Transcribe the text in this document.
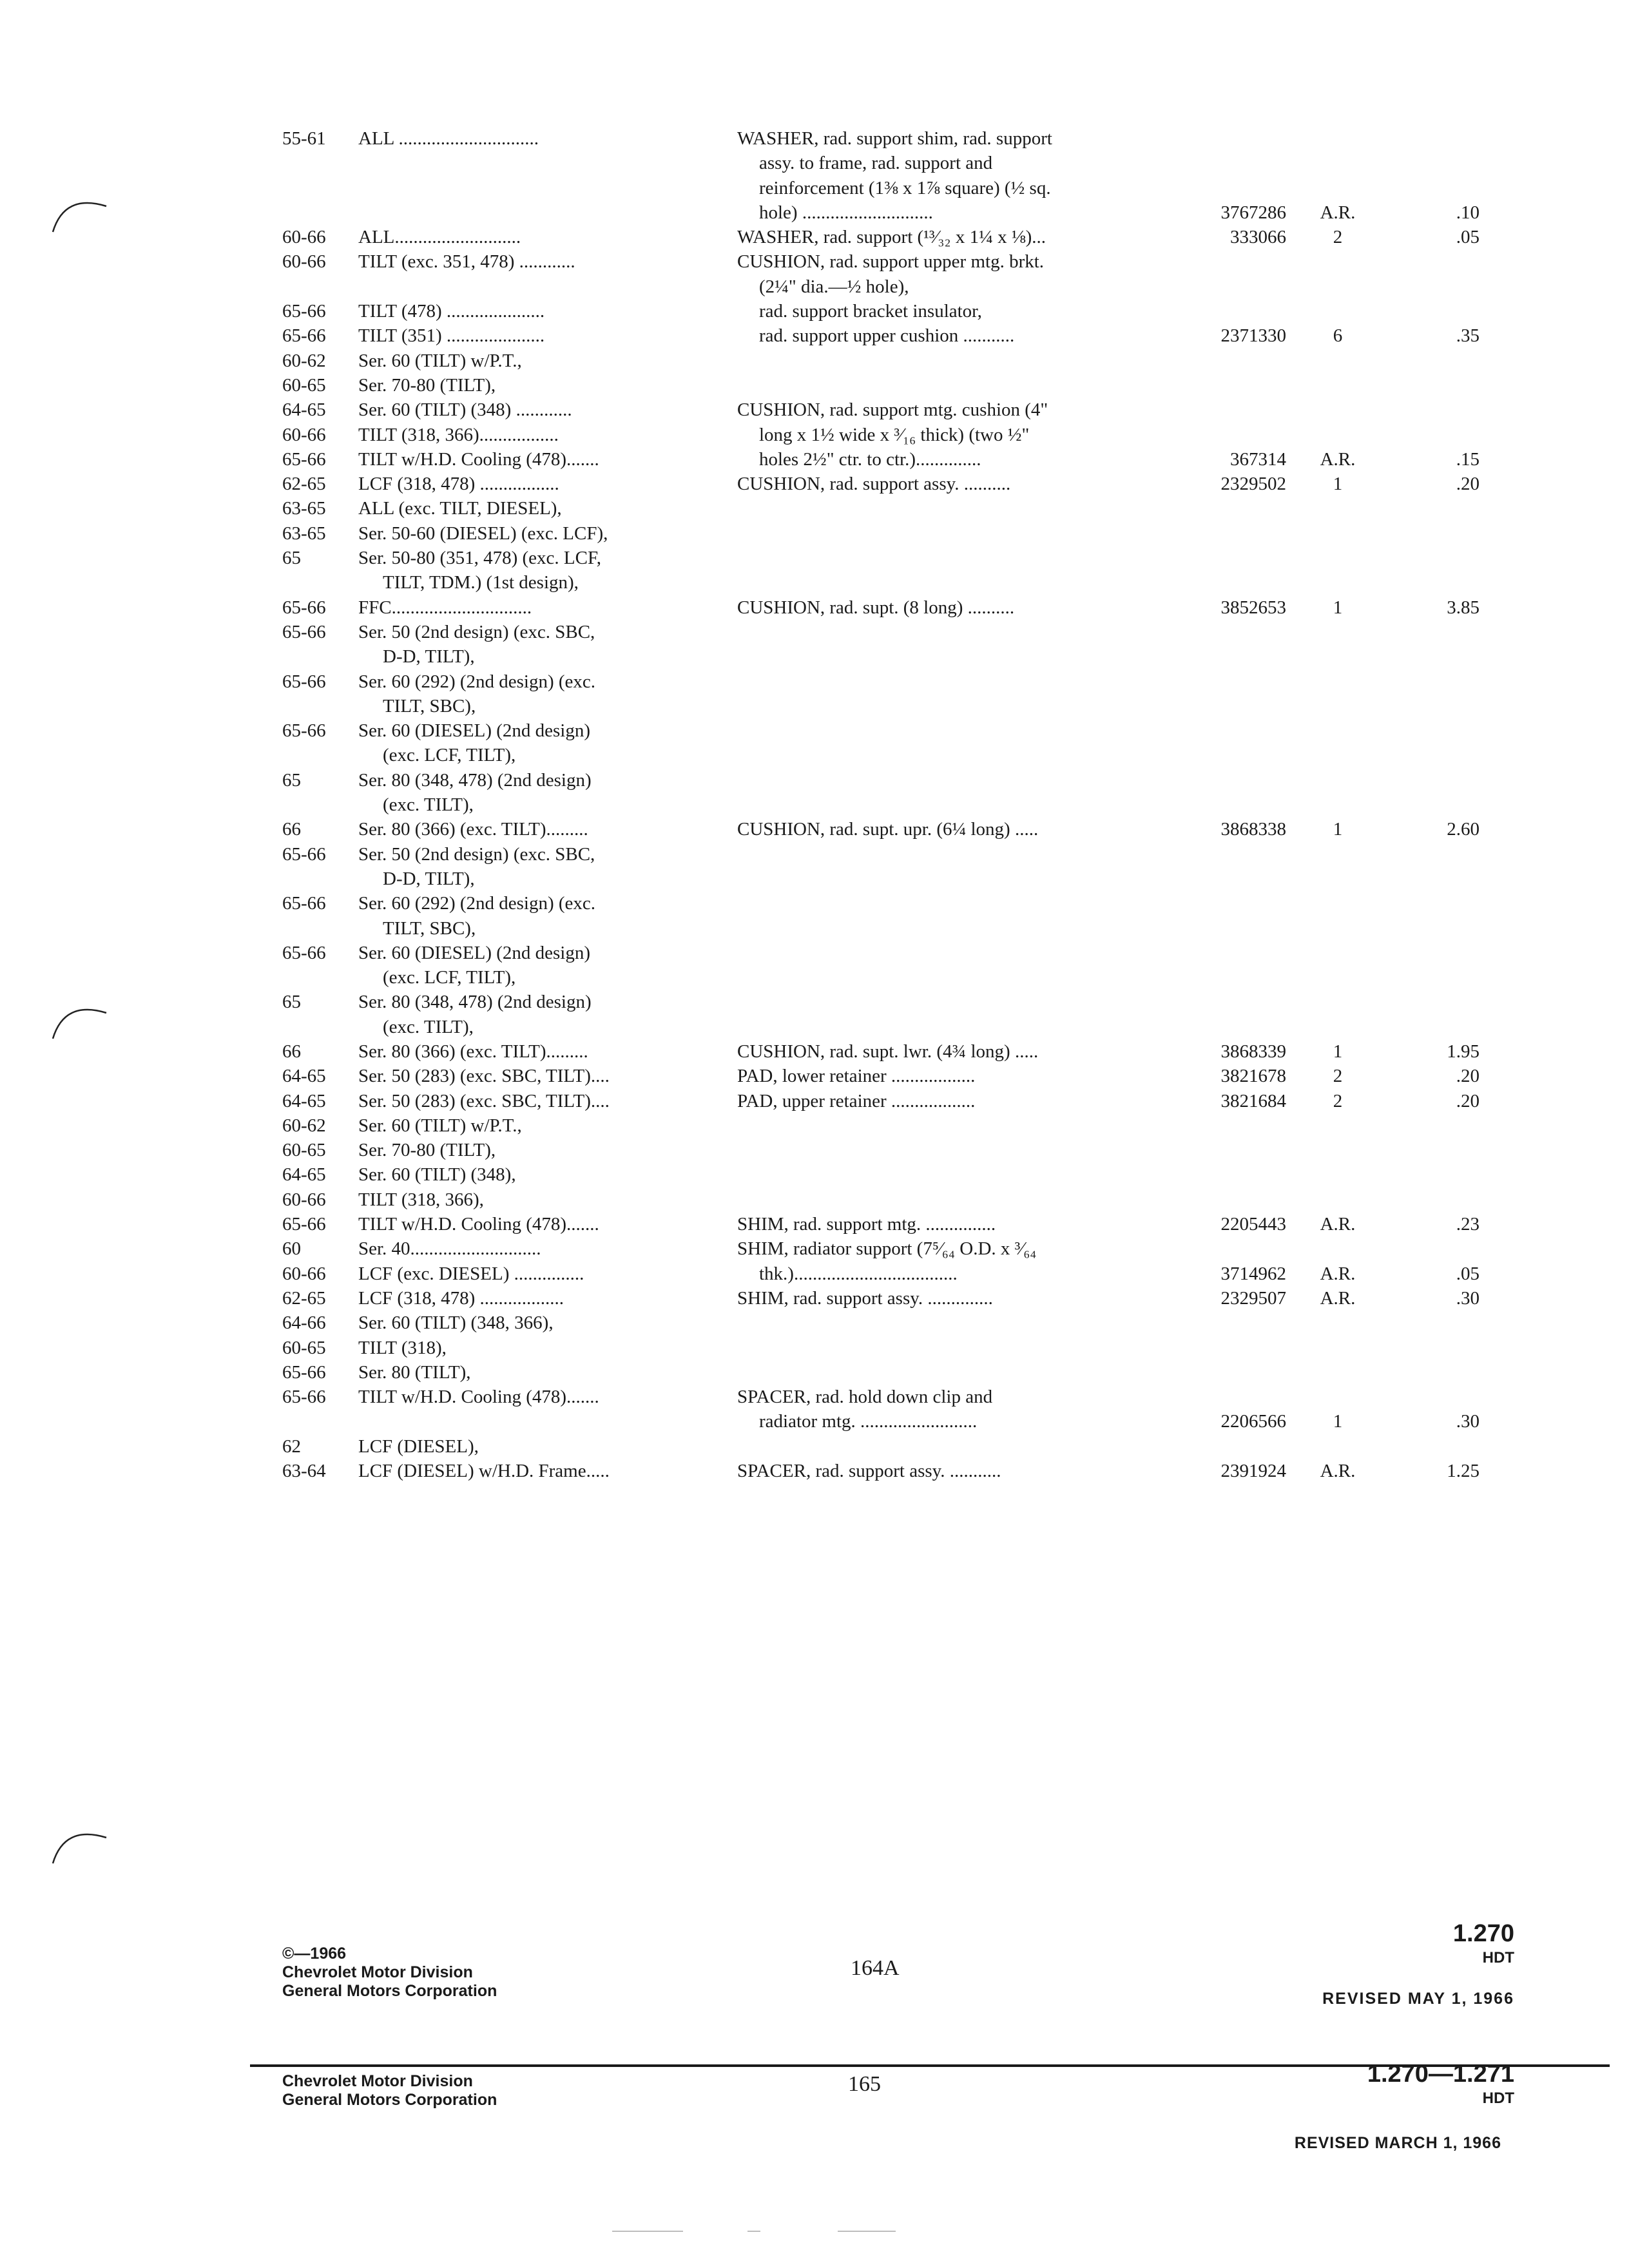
55-61 ALL ..............................	WASHER, rad. support shim, rad. support
assy. to frame, rad. support and
reinforcement (1⅜ x 1⅞ square) (½ sq.
hole) ............................	3767286	A.R.	.10
60-66 ALL...........................	WASHER, rad. support (¹³⁄₃₂ x 1¼ x ⅛)...	333066	2	.05
60-66 TILT (exc. 351, 478) ............	CUSHION, rad. support upper mtg. brkt.
(2¼" dia.—½ hole),
65-66 TILT (478) .....................	rad. support bracket insulator,
65-66 TILT (351) .....................	rad. support upper cushion ...........	2371330	6	.35
60-62 Ser. 60 (TILT) w/P.T.,
60-65 Ser. 70-80 (TILT),
64-65 Ser. 60 (TILT) (348) ............	CUSHION, rad. support mtg. cushion (4"
60-66 TILT (318, 366).................	long x 1½ wide x ³⁄₁₆ thick) (two ½"
65-66 TILT w/H.D. Cooling (478).......	holes 2½" ctr. to ctr.)..............	367314	A.R.	.15
62-65 LCF (318, 478) .................	CUSHION, rad. support assy. ..........	2329502	1	.20
63-65 ALL (exc. TILT, DIESEL),
63-65 Ser. 50-60 (DIESEL) (exc. LCF),
65	Ser. 50-80 (351, 478) (exc. LCF,
TILT, TDM.) (1st design),
65-66 FFC..............................	CUSHION, rad. supt. (8 long) ..........	3852653	1	3.85
65-66 Ser. 50 (2nd design) (exc. SBC,
D-D, TILT),
65-66 Ser. 60 (292) (2nd design) (exc.
TILT, SBC),
65-66 Ser. 60 (DIESEL) (2nd design)
(exc. LCF, TILT),
65	Ser. 80 (348, 478) (2nd design)
(exc. TILT),
66	Ser. 80 (366) (exc. TILT).........	CUSHION, rad. supt. upr. (6¼ long) .....	3868338	1	2.60
65-66 Ser. 50 (2nd design) (exc. SBC,
D-D, TILT),
65-66 Ser. 60 (292) (2nd design) (exc.
TILT, SBC),
65-66 Ser. 60 (DIESEL) (2nd design)
(exc. LCF, TILT),
65	Ser. 80 (348, 478) (2nd design)
(exc. TILT),
66	Ser. 80 (366) (exc. TILT).........	CUSHION, rad. supt. lwr. (4¾ long) .....	3868339	1	1.95
64-65 Ser. 50 (283) (exc. SBC, TILT)....	PAD, lower retainer ..................	3821678	2	.20
64-65 Ser. 50 (283) (exc. SBC, TILT)....	PAD, upper retainer ..................	3821684	2	.20
60-62 Ser. 60 (TILT) w/P.T.,
60-65 Ser. 70-80 (TILT),
64-65 Ser. 60 (TILT) (348),
60-66 TILT (318, 366),
65-66 TILT w/H.D. Cooling (478).......	SHIM, rad. support mtg. ...............	2205443	A.R.	.23
60	Ser. 40............................	SHIM, radiator support (7⁵⁄₆₄ O.D. x ³⁄₆₄
60-66 LCF (exc. DIESEL) ...............	thk.)...................................	3714962	A.R.	.05
62-65 LCF (318, 478) ..................	SHIM, rad. support assy. ..............	2329507	A.R.	.30
64-66 Ser. 60 (TILT) (348, 366),
60-65 TILT (318),
65-66 Ser. 80 (TILT),
65-66 TILT w/H.D. Cooling (478).......	SPACER, rad. hold down clip and
radiator mtg. .........................	2206566	1	.30
62	LCF (DIESEL),
63-64 LCF (DIESEL) w/H.D. Frame.....	SPACER, rad. support assy. ...........	2391924	A.R.	1.25
©—1966
Chevrolet Motor Division
General Motors Corporation
164A
1.270
HDT
REVISED MAY 1, 1966
Chevrolet Motor Division
General Motors Corporation
165	1.270—1.271
HDT
REVISED MARCH 1, 1966
